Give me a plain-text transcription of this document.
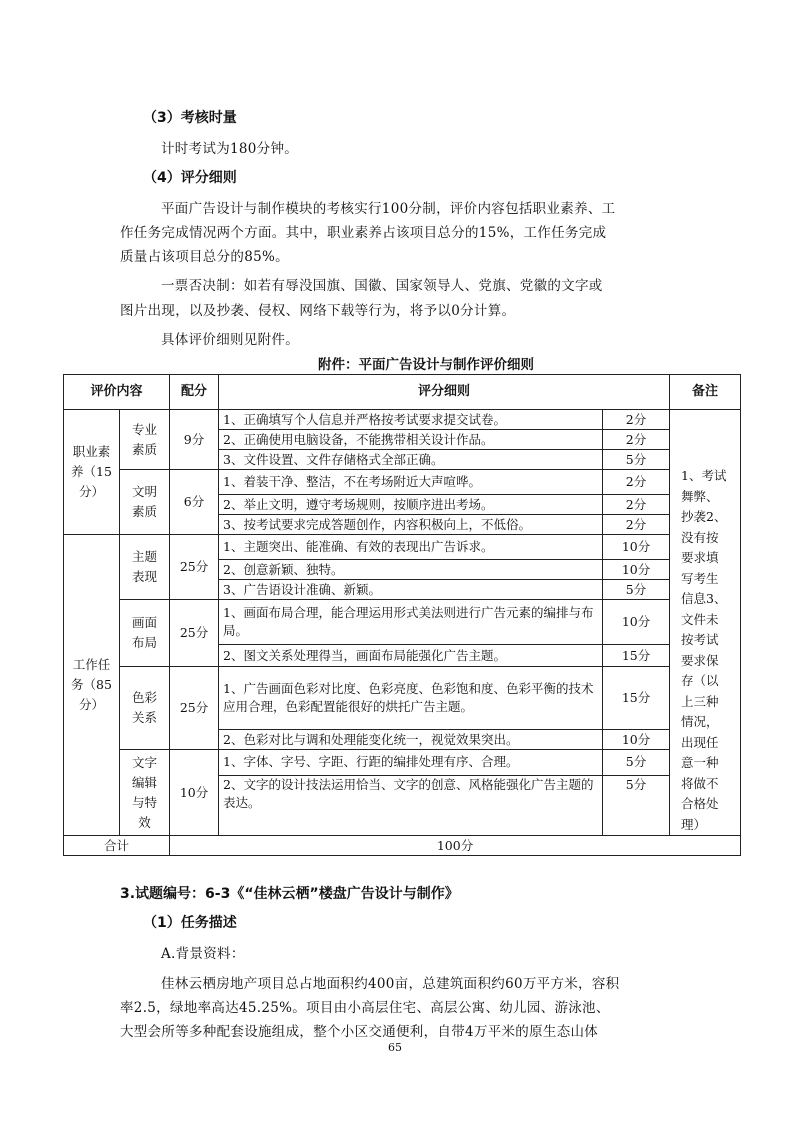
（3）考核时量
计时考试为180分钟。
（4）评分细则
平面广告设计与制作模块的考核实行100分制，评价内容包括职业素养、工
作任务完成情况两个方面。其中，职业素养占该项目总分的15%，工作任务完成
质量占该项目总分的85%。
一票否决制：如若有辱没国旗、国徽、国家领导人、党旗、党徽的文字或
图片出现，以及抄袭、侵权、网络下载等行为，将予以0分计算。
具体评价细则见附件。
附件：平面广告设计与制作评价细则
评价内容		配分	评分细则		备注

职业素养（15分）	专业素质	9分	1、正确填写个人信息并严格按考试要求提交试卷。	2分	1、考试舞弊、抄袭2、没有按要求填写考生信息3、文件未按考试要求保存（以上三种情况，出现任意一种将做不合格处理）

			2、正确使用电脑设备，不能携带相关设计作品。	2分	
			3、文件设置、文件存储格式全部正确。	5分	

	文明素质	6分	1、着装干净、整洁，不在考场附近大声喧哗。	2分	
			2、举止文明，遵守考场规则，按顺序进出考场。	2分	
			3、按考试要求完成答题创作，内容积极向上，不低俗。	2分	

工作任务（85分）	主题表现	25分	1、主题突出、能准确、有效的表现出广告诉求。	10分	
			2、创意新颖、独特。	10分	
			3、广告语设计准确、新颖。	5分	

	画面布局	25分	1、画面布局合理，能合理运用形式美法则进行广告元素的编排与布局。	10分	
			2、图文关系处理得当，画面布局能强化广告主题。	15分	

	色彩关系	25分	1、广告画面色彩对比度、色彩亮度、色彩饱和度、色彩平衡的技术应用合理，色彩配置能很好的烘托广告主题。	15分	
			2、色彩对比与调和处理能变化统一，视觉效果突出。	10分	

	文字编辑与特效	10分	1、字体、字号、字距、行距的编排处理有序、合理。	5分	
			2、文字的设计技法运用恰当、文字的创意、风格能强化广告主题的表达。	5分	
合计		100分			
3.试题编号：6-3《“佳林云栖”楼盘广告设计与制作》
（1）任务描述
A.背景资料：
佳林云栖房地产项目总占地面积约400亩，总建筑面积约60万平方米，容积
率2.5，绿地率高达45.25%。项目由小高层住宅、高层公寓、幼儿园、游泳池、
大型会所等多种配套设施组成，整个小区交通便利，自带4万平米的原生态山体
65
